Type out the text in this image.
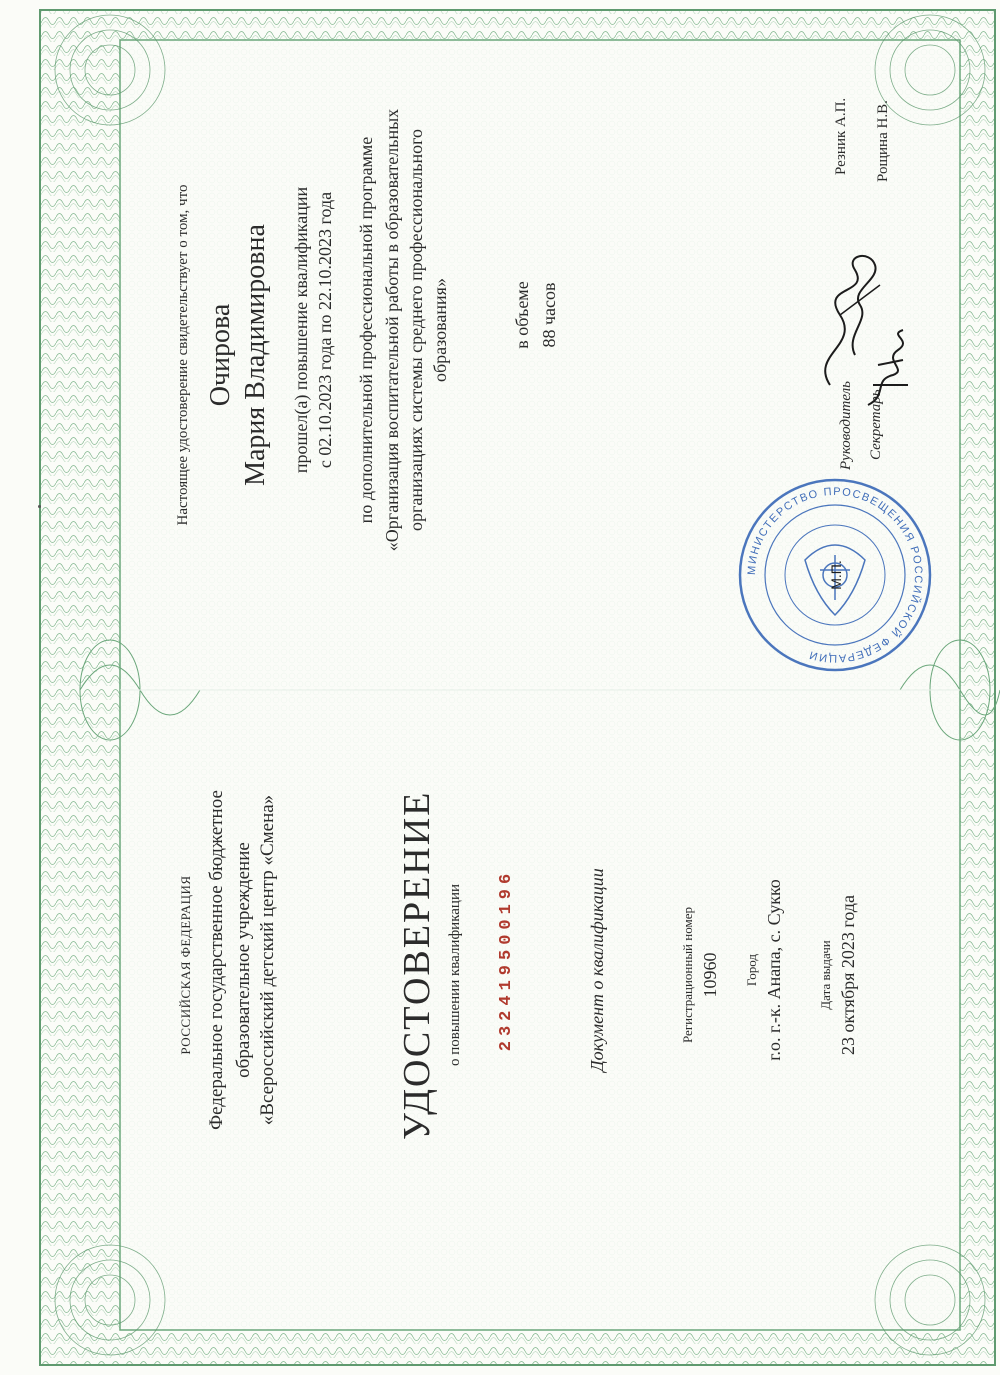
РОССИЙСКАЯ ФЕДЕРАЦИЯ Федеральное государственное бюджетное образовательное учреждение «Всероссийский детский центр «Смена»	УДОСТОВЕРЕНИЕ о повышении квалификации 232419500196	Документ о квалификации	Регистрационный номер 10960 Город г.о. г.-к. Анапа, с. Сукко	Дата выдачи 23 октября 2023 года
Настоящее удостоверение свидетельствует о том, что Очирова Мария Владимировна прошел(а) повышение квалификации с 02.10.2023 года по 22.10.2023 года по дополнительной профессиональной программе «Организация воспитательной работы в образовательных организациях системы среднего профессионального образования»	в объеме 88 часов
Руководитель Секретарь
Резник А.П. Рощина Н.В.
МИНИСТЕРСТВО ПРОСВЕЩЕНИЯ РОССИЙСКОЙ ФЕДЕРАЦИИ
М.П.
